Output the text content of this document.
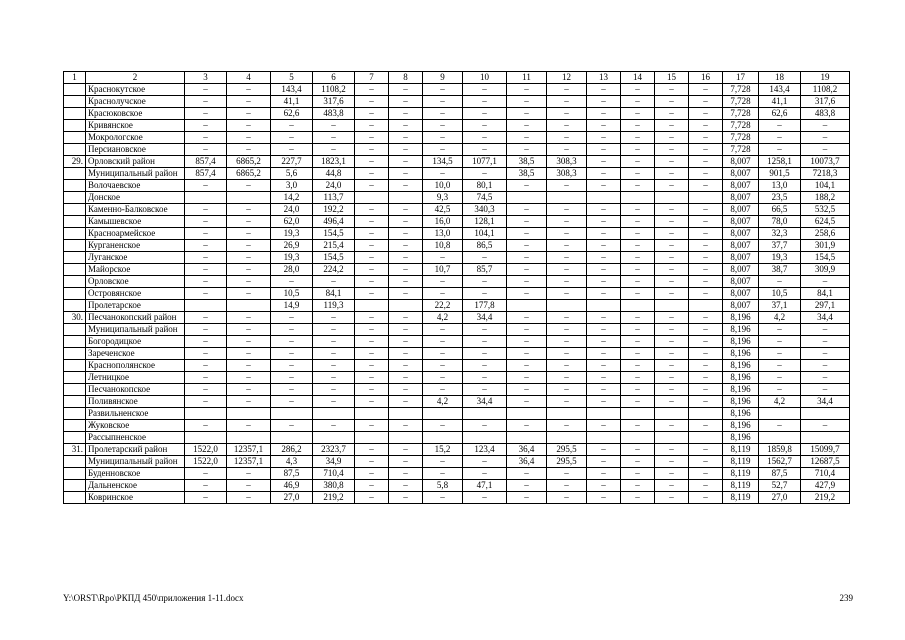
1	2	3	4	5	6	7	8	9	10	11	12	13	14	15	16	17	18	19
	Краснокутское	–	–	143,4	1108,2	–	–	–	–	–	–	–	–	–	–	7,728	143,4	1108,2
	Краснолучское	–	–	41,1	317,6	–	–	–	–	–	–	–	–	–	–	7,728	41,1	317,6
	Красюковское	–	–	62,6	483,8	–	–	–	–	–	–	–	–	–	–	7,728	62,6	483,8
	Кривянское	–	–	–	–	–	–	–	–	–	–	–	–	–	–	7,728	–	–
	Мокрологское	–	–	–	–	–	–	–	–	–	–	–	–	–	–	7,728	–	–
	Персиановское	–	–	–	–	–	–	–	–	–	–	–	–	–	–	7,728	–	–
29.	Орловский район	857,4	6865,2	227,7	1823,1	–	–	134,5	1077,1	38,5	308,3	–	–	–	–	8,007	1258,1	10073,7
	Муниципальный район	857,4	6865,2	5,6	44,8	–	–	–	–	38,5	308,3	–	–	–	–	8,007	901,5	7218,3
	Волочаевское	–	–	3,0	24,0	–	–	10,0	80,1	–	–	–	–	–	–	8,007	13,0	104,1
	Донское			14,2	113,7			9,3	74,5							8,007	23,5	188,2
	Каменно-Балковское	–	–	24,0	192,2	–	–	42,5	340,3	–	–	–	–	–	–	8,007	66,5	532,5
	Камышевское	–	–	62,0	496,4	–	–	16,0	128,1	–	–	–	–	–	–	8,007	78,0	624,5
	Красноармейское	–	–	19,3	154,5	–	–	13,0	104,1	–	–	–	–	–	–	8,007	32,3	258,6
	Курганенское	–	–	26,9	215,4	–	–	10,8	86,5	–	–	–	–	–	–	8,007	37,7	301,9
	Луганское	–	–	19,3	154,5	–	–	–	–	–	–	–	–	–	–	8,007	19,3	154,5
	Майорское	–	–	28,0	224,2	–	–	10,7	85,7	–	–	–	–	–	–	8,007	38,7	309,9
	Орловское	–	–	–	–	–	–	–	–	–	–	–	–	–	–	8,007	–	–
	Островянское	–	–	10,5	84,1	–	–	–	–	–	–	–	–	–	–	8,007	10,5	84,1
	Пролетарское			14,9	119,3			22,2	177,8							8,007	37,1	297,1
30.	Песчанокопский район	–	–	–	–	–	–	4,2	34,4	–	–	–	–	–	–	8,196	4,2	34,4
	Муниципальный район	–	–	–	–	–	–	–	–	–	–	–	–	–	–	8,196	–	–
	Богородицкое	–	–	–	–	–	–	–	–	–	–	–	–	–	–	8,196	–	–
	Зареченское	–	–	–	–	–	–	–	–	–	–	–	–	–	–	8,196	–	–
	Краснополянское	–	–	–	–	–	–	–	–	–	–	–	–	–	–	8,196	–	–
	Летницкое	–	–	–	–	–	–	–	–	–	–	–	–	–	–	8,196	–	–
	Песчанокопское	–	–	–	–	–	–	–	–	–	–	–	–	–	–	8,196	–	–
	Поливянское	–	–	–	–	–	–	4,2	34,4	–	–	–	–	–	–	8,196	4,2	34,4
	Развильненское															8,196		
	Жуковское	–	–	–	–	–	–	–	–	–	–	–	–	–	–	8,196	–	–
	Рассыпненское															8,196		
31.	Пролетарский район	1522,0	12357,1	286,2	2323,7	–	–	15,2	123,4	36,4	295,5	–	–	–	–	8,119	1859,8	15099,7
	Муниципальный район	1522,0	12357,1	4,3	34,9	–	–	–	–	36,4	295,5	–	–	–	–	8,119	1562,7	12687,5
	Буденновское	–	–	87,5	710,4	–	–	–	–	–	–	–	–	–	–	8,119	87,5	710,4
	Дальненское	–	–	46,9	380,8	–	–	5,8	47,1	–	–	–	–	–	–	8,119	52,7	427,9
	Ковринское	–	–	27,0	219,2	–	–	–	–	–	–	–	–	–	–	8,119	27,0	219,2
Y:\ORST\Rpo\РКПД 450\приложения 1-11.docx	239
